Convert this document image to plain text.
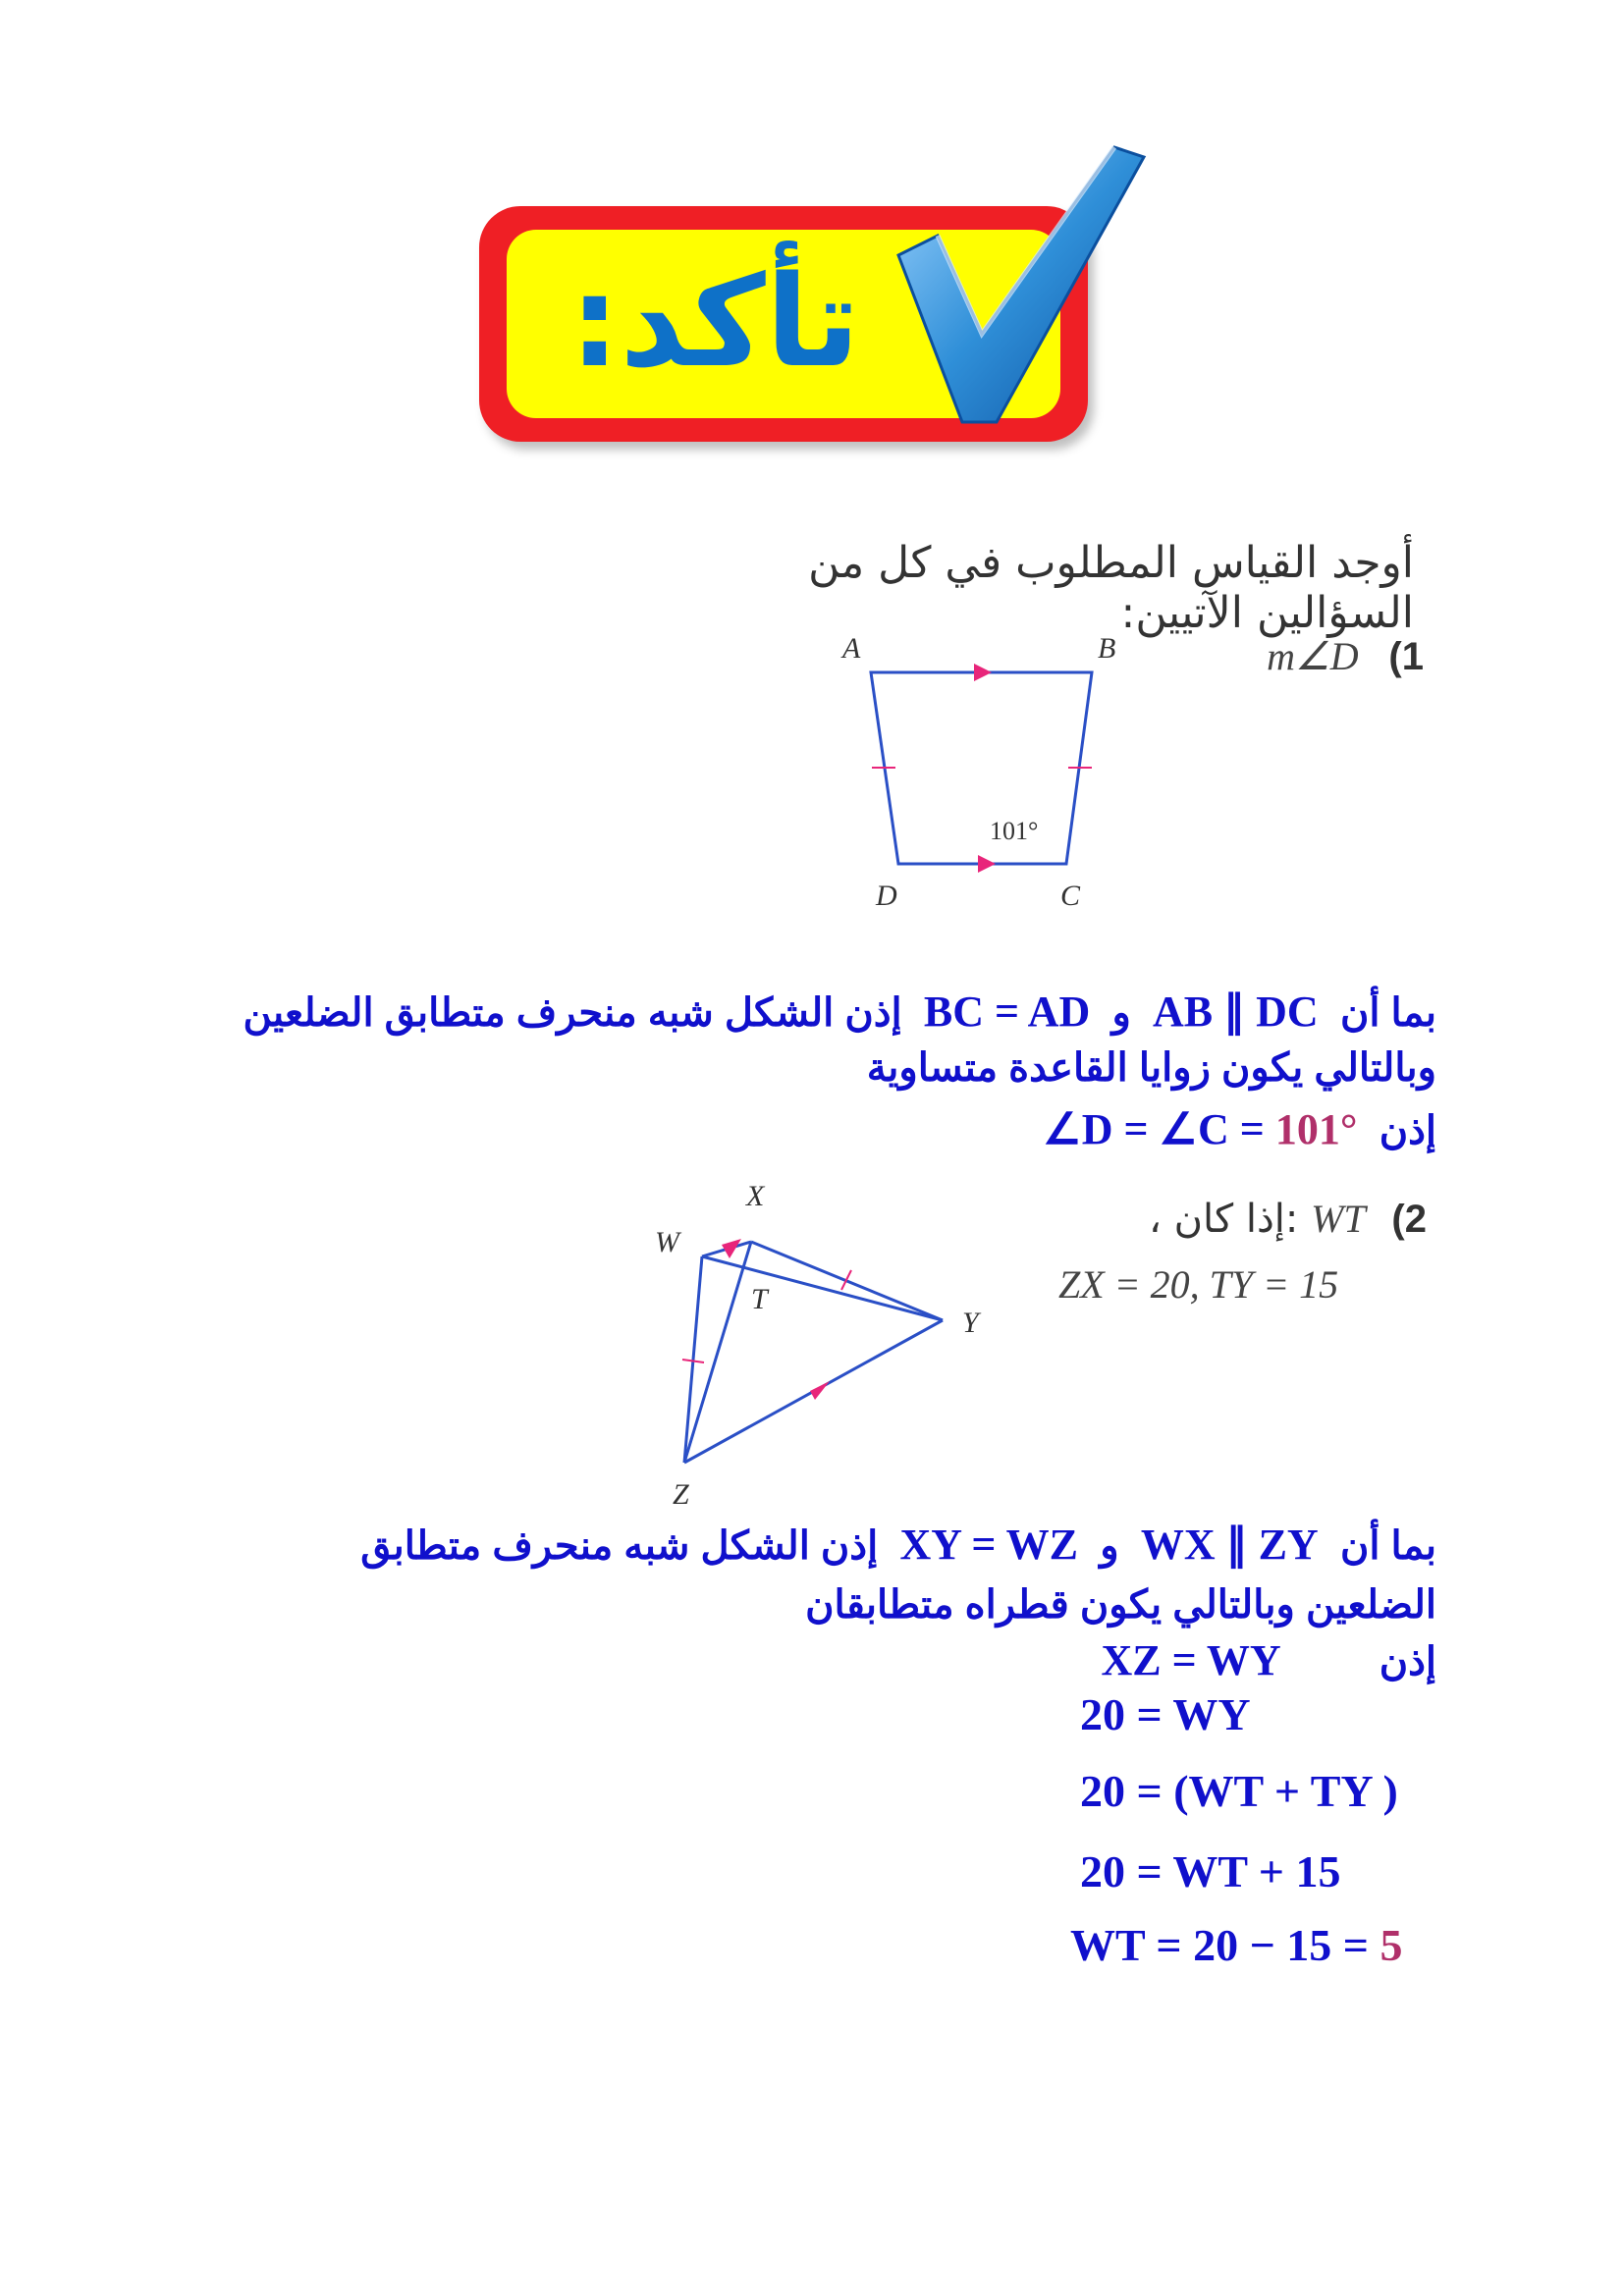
تأكد:
أوجد القياس المطلوب في كل من السؤالين الآتيين:
m∠D (1
A	B
C
D
101°
بما أن  AB ∥ DC  و  BC = AD  إذن الشكل شبه منحرف متطابق الضلعين
وبالتالي يكون زوايا القاعدة متساوية
إذن  ∠D = ∠C = 101°
، إذا كان: WT (2
ZX = 20, TY = 15
X
W
T
Y
Z
بما أن  WX ∥ ZY  و  XY = WZ  إذن الشكل شبه منحرف متطابق
الضلعين وبالتالي يكون قطراه متطابقان
إذن         XZ = WY
20 = WY
20 = (WT + TY )
20 = WT + 15
WT = 20 − 15 = 5
